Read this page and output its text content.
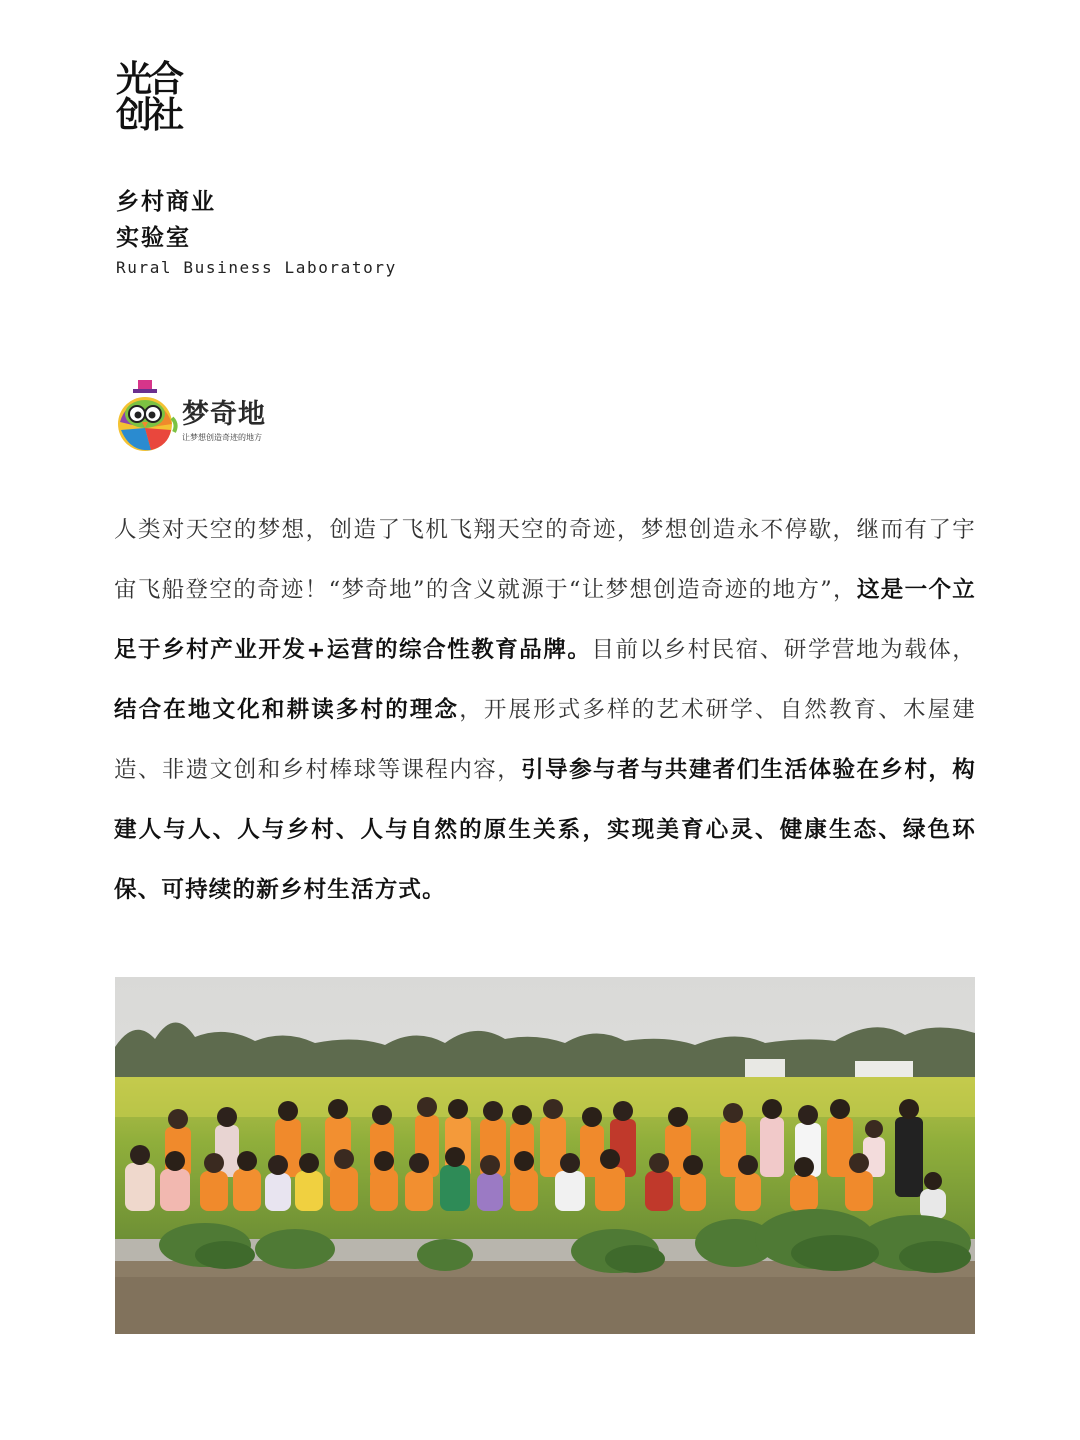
光合
创社
乡村商业
实验室
Rural Business Laboratory
梦奇地
让梦想创造奇迹的地方

人类对天空的梦想，创造了飞机飞翔天空的奇迹，梦想创造永不停歇，继而有了宇宙飞船登空的奇迹！“梦奇地”的含义就源于“让梦想创造奇迹的地方”，这是一个立足于乡村产业开发+运营的综合性教育品牌。目前以乡村民宿、研学营地为载体，结合在地文化和耕读多村的理念，开展形式多样的艺术研学、自然教育、木屋建造、非遗文创和乡村棒球等课程内容，引导参与者与共建者们生活体验在乡村，构建人与人、人与乡村、人与自然的原生关系，实现美育心灵、健康生态、绿色环保、可持续的新乡村生活方式。
